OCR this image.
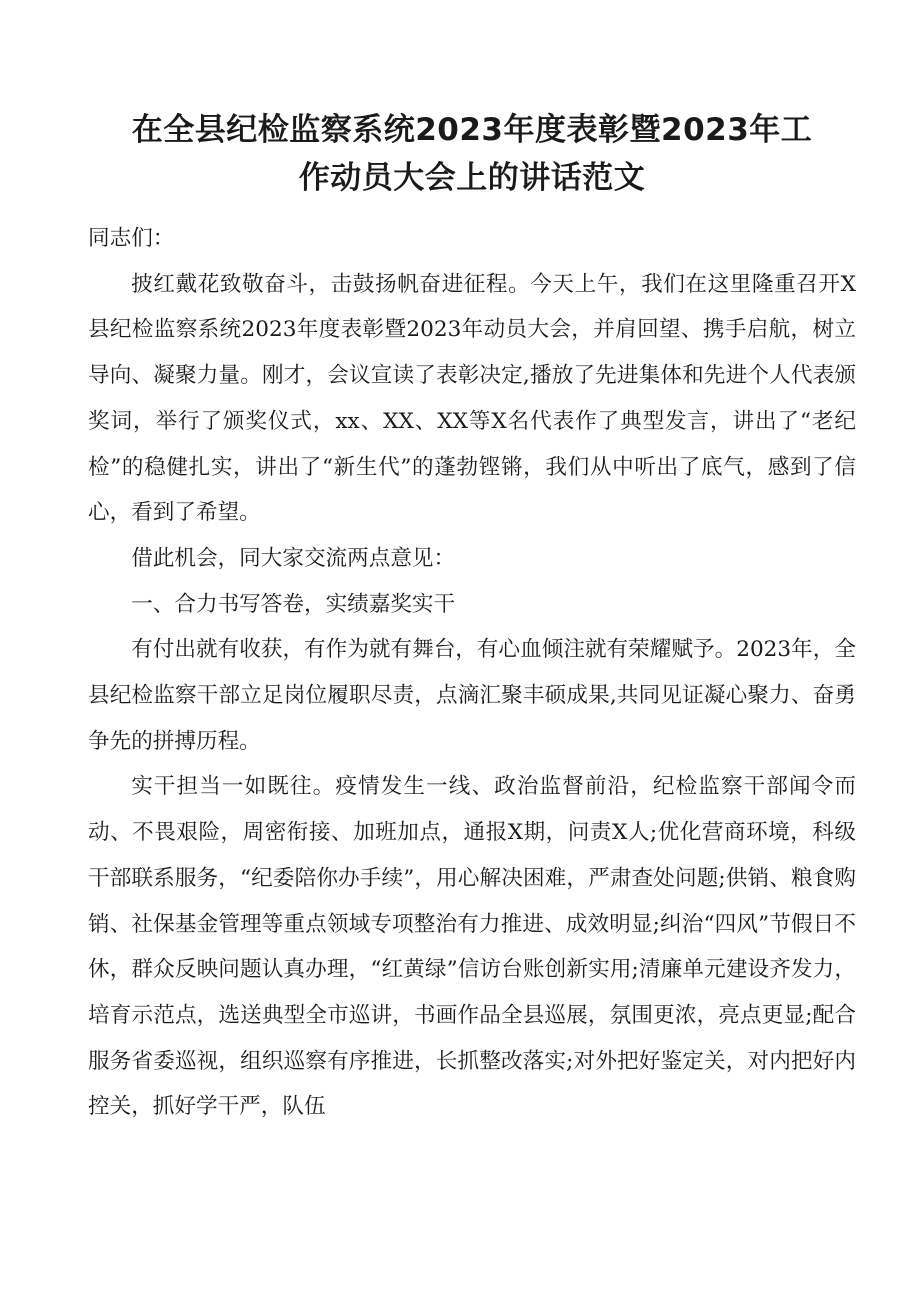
在全县纪检监察系统2023年度表彰暨2023年工
作动员大会上的讲话范文

同志们：

披红戴花致敬奋斗，击鼓扬帆奋进征程。今天上午，我们在这里隆重召开X县纪检监察系统2023年度表彰暨2023年动员大会，并肩回望、携手启航，树立导向、凝聚力量。刚才，会议宣读了表彰决定,播放了先进集体和先进个人代表颁奖词，举行了颁奖仪式，xx、XX、XX等X名代表作了典型发言，讲出了“老纪检”的稳健扎实，讲出了“新生代”的蓬勃铿锵，我们从中听出了底气，感到了信心，看到了希望。

借此机会，同大家交流两点意见：

一、合力书写答卷，实绩嘉奖实干

有付出就有收获，有作为就有舞台，有心血倾注就有荣耀赋予。2023年，全县纪检监察干部立足岗位履职尽责，点滴汇聚丰硕成果,共同见证凝心聚力、奋勇争先的拼搏历程。

实干担当一如既往。疫情发生一线、政治监督前沿，纪检监察干部闻令而动、不畏艰险，周密衔接、加班加点，通报X期，问责X人;优化营商环境，科级干部联系服务，“纪委陪你办手续”，用心解决困难，严肃查处问题;供销、粮食购销、社保基金管理等重点领域专项整治有力推进、成效明显;纠治“四风”节假日不休，群众反映问题认真办理，“红黄绿”信访台账创新实用;清廉单元建设齐发力，培育示范点，选送典型全市巡讲，书画作品全县巡展，氛围更浓，亮点更显;配合服务省委巡视，组织巡察有序推进，长抓整改落实;对外把好鉴定关，对内把好内控关，抓好学干严，队伍
